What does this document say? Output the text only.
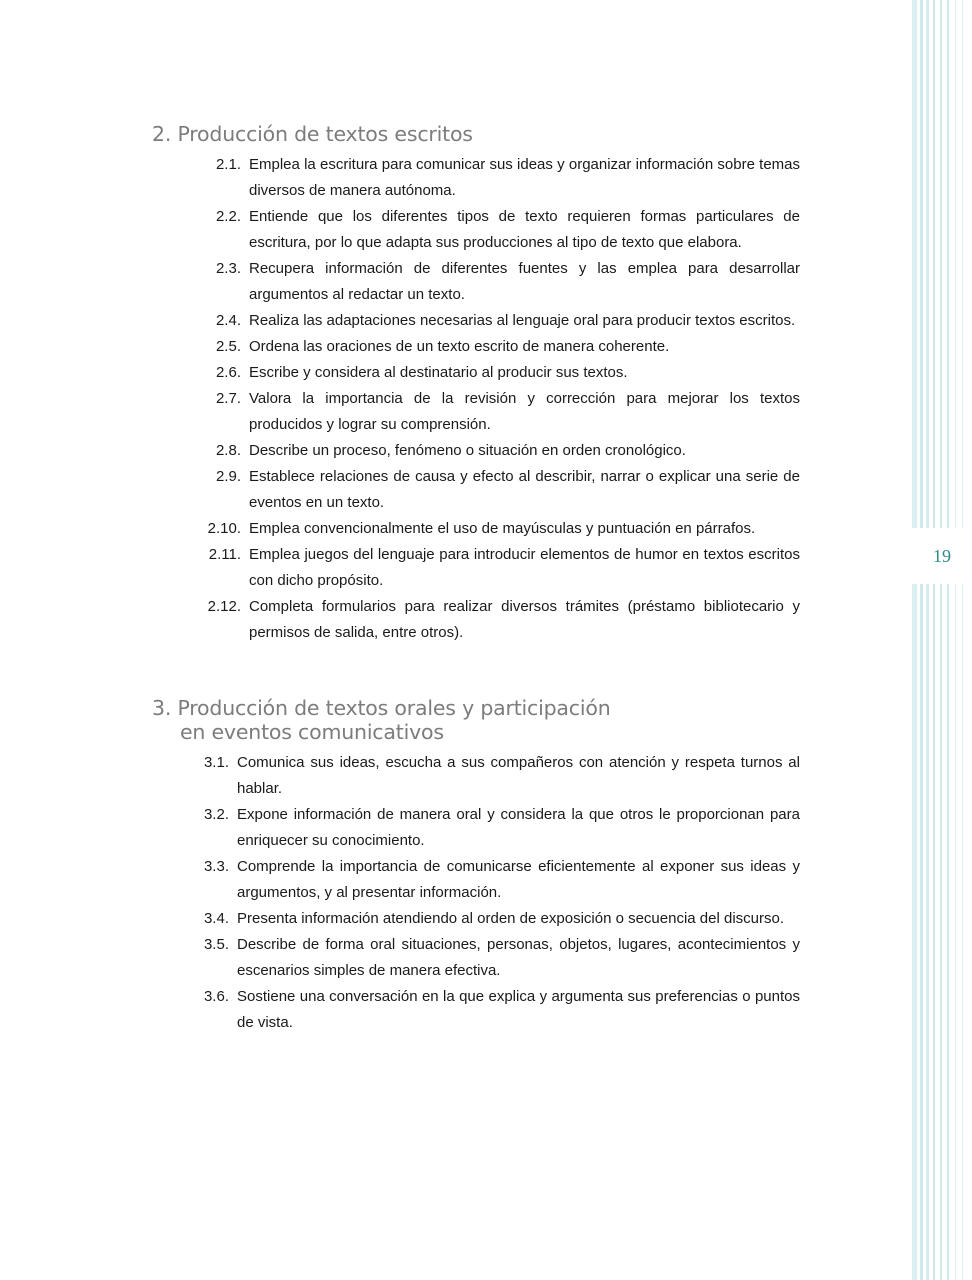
19
2. Producción de textos escritos
2.1. Emplea la escritura para comunicar sus ideas y organizar información sobre temas diversos de manera autónoma.
2.2. Entiende que los diferentes tipos de texto requieren formas particulares de escritura, por lo que adapta sus producciones al tipo de texto que elabora.
2.3. Recupera información de diferentes fuentes y las emplea para desarrollar argumentos al redactar un texto.
2.4. Realiza las adaptaciones necesarias al lenguaje oral para producir textos escritos.
2.5. Ordena las oraciones de un texto escrito de manera coherente.
2.6. Escribe y considera al destinatario al producir sus textos.
2.7. Valora la importancia de la revisión y corrección para mejorar los textos producidos y lograr su comprensión.
2.8. Describe un proceso, fenómeno o situación en orden cronológico.
2.9. Establece relaciones de causa y efecto al describir, narrar o explicar una serie de eventos en un texto.
2.10. Emplea convencionalmente el uso de mayúsculas y puntuación en párrafos.
2.11. Emplea juegos del lenguaje para introducir elementos de humor en textos escritos con dicho propósito.
2.12. Completa formularios para realizar diversos trámites (préstamo bibliotecario y permisos de salida, entre otros).
3. Producción de textos orales y participación
en eventos comunicativos
3.1. Comunica sus ideas, escucha a sus compañeros con atención y respeta turnos al hablar.
3.2. Expone información de manera oral y considera la que otros le proporcionan para enriquecer su conocimiento.
3.3. Comprende la importancia de comunicarse eficientemente al exponer sus ideas y argumentos, y al presentar información.
3.4. Presenta información atendiendo al orden de exposición o secuencia del discurso.
3.5. Describe de forma oral situaciones, personas, objetos, lugares, acontecimientos y escenarios simples de manera efectiva.
3.6. Sostiene una conversación en la que explica y argumenta sus preferencias o puntos de vista.
